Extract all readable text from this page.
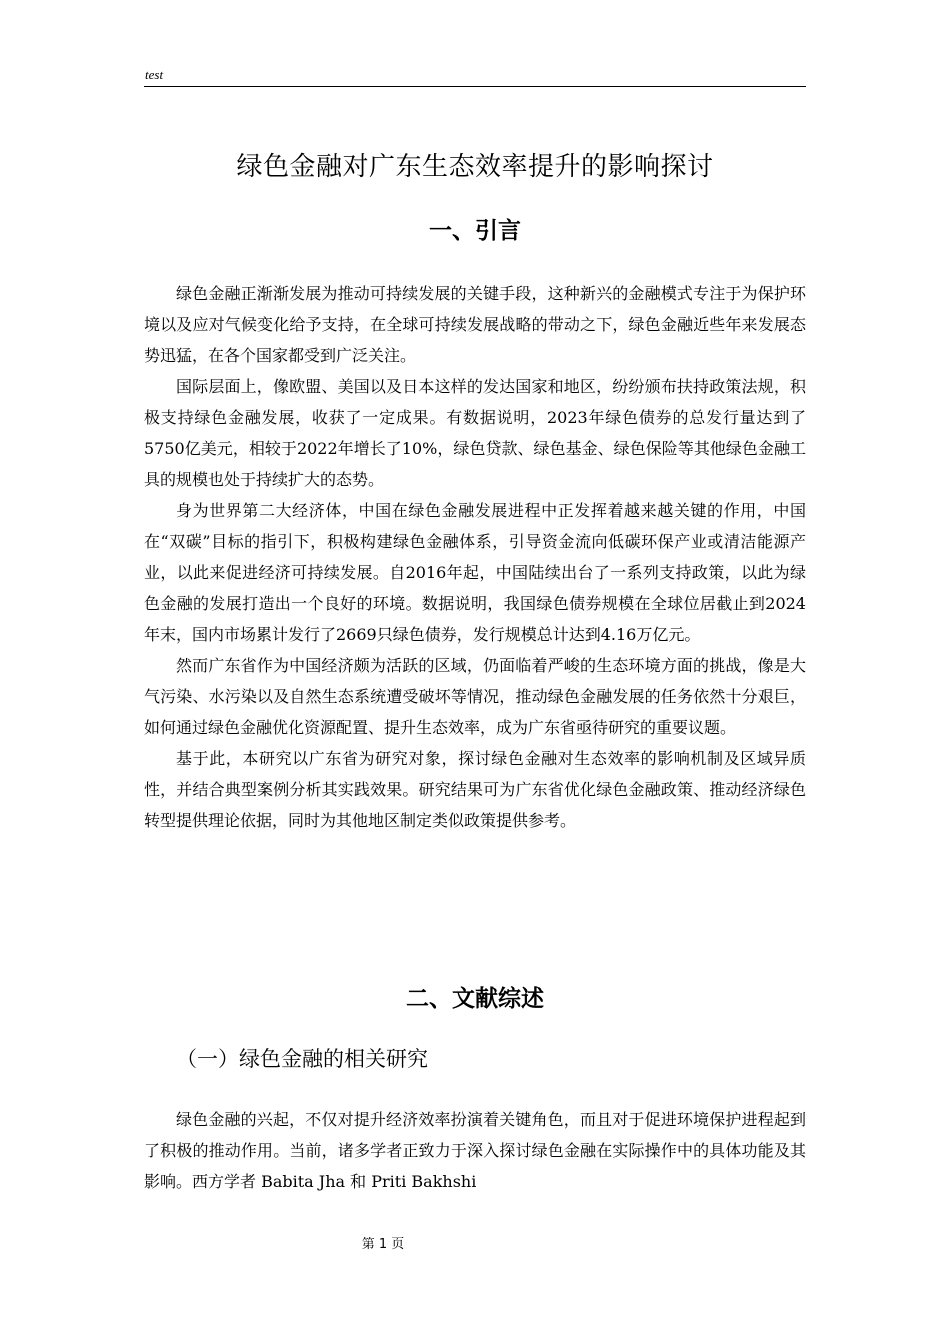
test
绿色金融对广东生态效率提升的影响探讨
一、引言

绿色金融正渐渐发展为推动可持续发展的关键手段，这种新兴的金融模式专注于为保护环境以及应对气候变化给予支持，在全球可持续发展战略的带动之下，绿色金融近些年来发展态势迅猛，在各个国家都受到广泛关注。

国际层面上，像欧盟、美国以及日本这样的发达国家和地区，纷纷颁布扶持政策法规，积极支持绿色金融发展，收获了一定成果。有数据说明，2023年绿色债券的总发行量达到了5750亿美元，相较于2022年增长了10%，绿色贷款、绿色基金、绿色保险等其他绿色金融工具的规模也处于持续扩大的态势。

身为世界第二大经济体，中国在绿色金融发展进程中正发挥着越来越关键的作用，中国在“双碳”目标的指引下，积极构建绿色金融体系，引导资金流向低碳环保产业或清洁能源产业，以此来促进经济可持续发展。自2016年起，中国陆续出台了一系列支持政策，以此为绿色金融的发展打造出一个良好的环境。数据说明，我国绿色债券规模在全球位居截止到2024年末，国内市场累计发行了2669只绿色债券，发行规模总计达到4.16万亿元。

然而广东省作为中国经济颇为活跃的区域，仍面临着严峻的生态环境方面的挑战，像是大气污染、水污染以及自然生态系统遭受破坏等情况，推动绿色金融发展的任务依然十分艰巨，如何通过绿色金融优化资源配置、提升生态效率，成为广东省亟待研究的重要议题。

基于此，本研究以广东省为研究对象，探讨绿色金融对生态效率的影响机制及区域异质性，并结合典型案例分析其实践效果。研究结果可为广东省优化绿色金融政策、推动经济绿色转型提供理论依据，同时为其他地区制定类似政策提供参考。

二、文献综述
（一）绿色金融的相关研究

绿色金融的兴起，不仅对提升经济效率扮演着关键角色，而且对于促进环境保护进程起到了积极的推动作用。当前，诸多学者正致力于深入探讨绿色金融在实际操作中的具体功能及其影响。西方学者 Babita Jha 和 Priti Bakhshi

第 1 页
